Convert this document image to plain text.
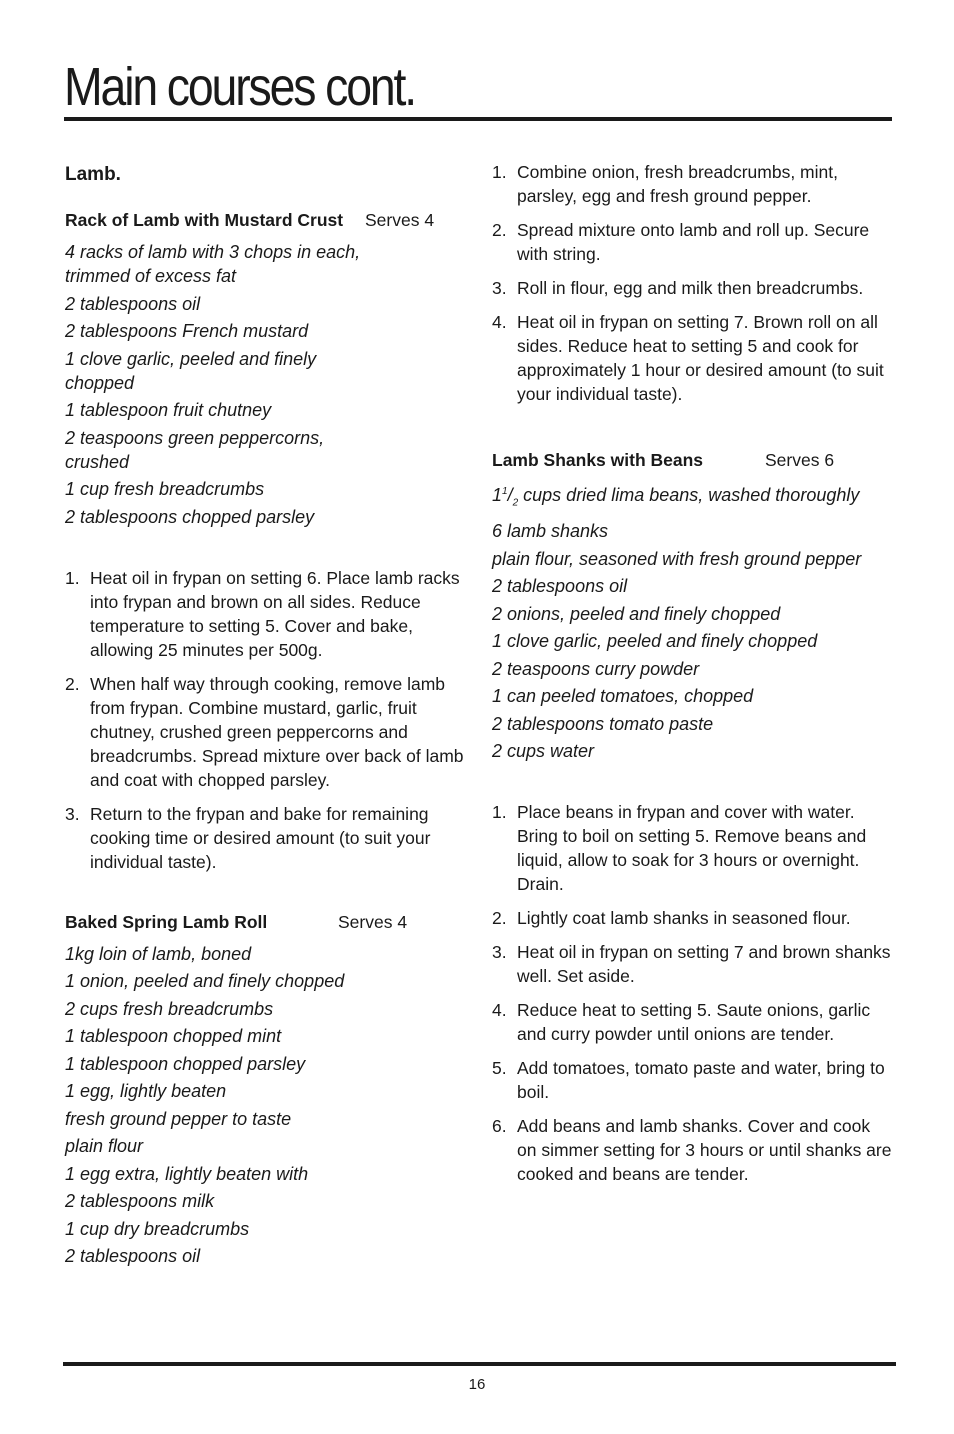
Main courses cont.
Lamb.
Rack of Lamb with Mustard Crust	Serves 4
4 racks of lamb with 3 chops in each, trimmed of excess fat
2 tablespoons oil
2 tablespoons French mustard
1 clove garlic, peeled and finely chopped
1 tablespoon fruit chutney
2 teaspoons green peppercorns, crushed
1 cup fresh breadcrumbs
2 tablespoons chopped parsley
1. Heat oil in frypan on setting 6. Place lamb racks into frypan and brown on all sides. Reduce temperature to setting 5. Cover and bake, allowing 25 minutes per 500g.
2. When half way through cooking, remove lamb from frypan. Combine mustard, garlic, fruit chutney, crushed green peppercorns and breadcrumbs. Spread mixture over back of lamb and coat with chopped parsley.
3. Return to the frypan and bake for remaining cooking time or desired amount (to suit your individual taste).
Baked Spring Lamb Roll	Serves 4
1kg loin of lamb, boned
1 onion, peeled and finely chopped
2 cups fresh breadcrumbs
1 tablespoon chopped mint
1 tablespoon chopped parsley
1 egg, lightly beaten
fresh ground pepper to taste
plain flour
1 egg extra, lightly beaten with
2 tablespoons milk
1 cup dry breadcrumbs
2 tablespoons oil
1. Combine onion, fresh breadcrumbs, mint, parsley, egg and fresh ground pepper.
2. Spread mixture onto lamb and roll up. Secure with string.
3. Roll in flour, egg and milk then breadcrumbs.
4. Heat oil in frypan on setting 7. Brown roll on all sides. Reduce heat to setting 5 and cook for approximately 1 hour or desired amount (to suit your individual taste).
Lamb Shanks with Beans	Serves 6
$1^1/_2$ cups dried lima beans, washed thoroughly
6 lamb shanks
plain flour, seasoned with fresh ground pepper
2 tablespoons oil
2 onions, peeled and finely chopped
1 clove garlic, peeled and finely chopped
2 teaspoons curry powder
1 can peeled tomatoes, chopped
2 tablespoons tomato paste
2 cups water
1. Place beans in frypan and cover with water. Bring to boil on setting 5. Remove beans and liquid, allow to soak for 3 hours or overnight. Drain.
2. Lightly coat lamb shanks in seasoned flour.
3. Heat oil in frypan on setting 7 and brown shanks well. Set aside.
4. Reduce heat to setting 5. Saute onions, garlic and curry powder until onions are tender.
5. Add tomatoes, tomato paste and water, bring to boil.
6. Add beans and lamb shanks. Cover and cook on simmer setting for 3 hours or until shanks are cooked and beans are tender.
16
